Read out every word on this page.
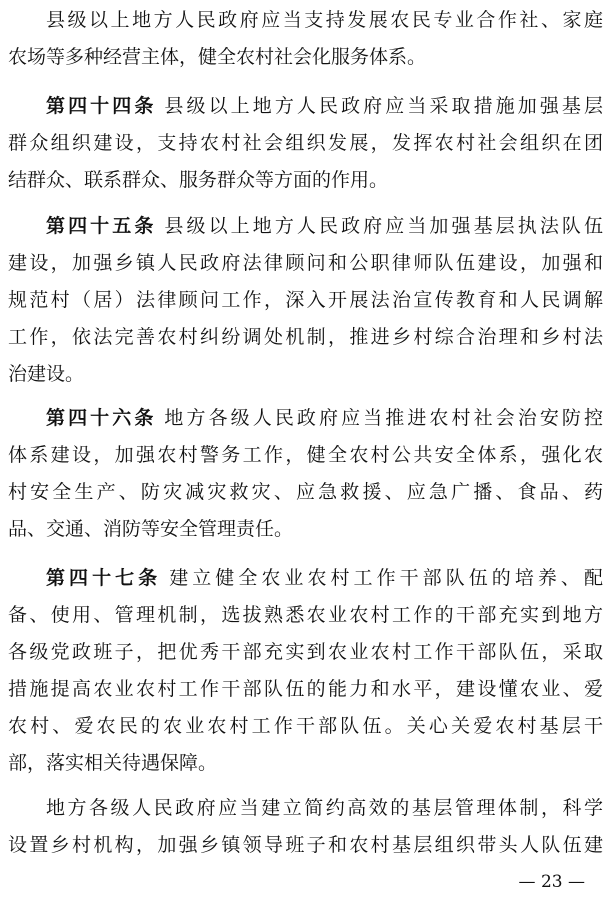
县级以上地方人民政府应当支持发展农民专业合作社、家庭
农场等多种经营主体，健全农村社会化服务体系。
第四十四条 县级以上地方人民政府应当采取措施加强基层
群众组织建设，支持农村社会组织发展，发挥农村社会组织在团
结群众、联系群众、服务群众等方面的作用。
第四十五条 县级以上地方人民政府应当加强基层执法队伍
建设，加强乡镇人民政府法律顾问和公职律师队伍建设，加强和
规范村（居）法律顾问工作，深入开展法治宣传教育和人民调解
工作，依法完善农村纠纷调处机制，推进乡村综合治理和乡村法
治建设。
第四十六条 地方各级人民政府应当推进农村社会治安防控
体系建设，加强农村警务工作，健全农村公共安全体系，强化农
村安全生产、防灾减灾救灾、应急救援、应急广播、食品、药
品、交通、消防等安全管理责任。
第四十七条 建立健全农业农村工作干部队伍的培养、配
备、使用、管理机制，选拔熟悉农业农村工作的干部充实到地方
各级党政班子，把优秀干部充实到农业农村工作干部队伍，采取
措施提高农业农村工作干部队伍的能力和水平，建设懂农业、爱
农村、爱农民的农业农村工作干部队伍。关心关爱农村基层干
部，落实相关待遇保障。
地方各级人民政府应当建立简约高效的基层管理体制，科学
设置乡村机构，加强乡镇领导班子和农村基层组织带头人队伍建
— 23 —
